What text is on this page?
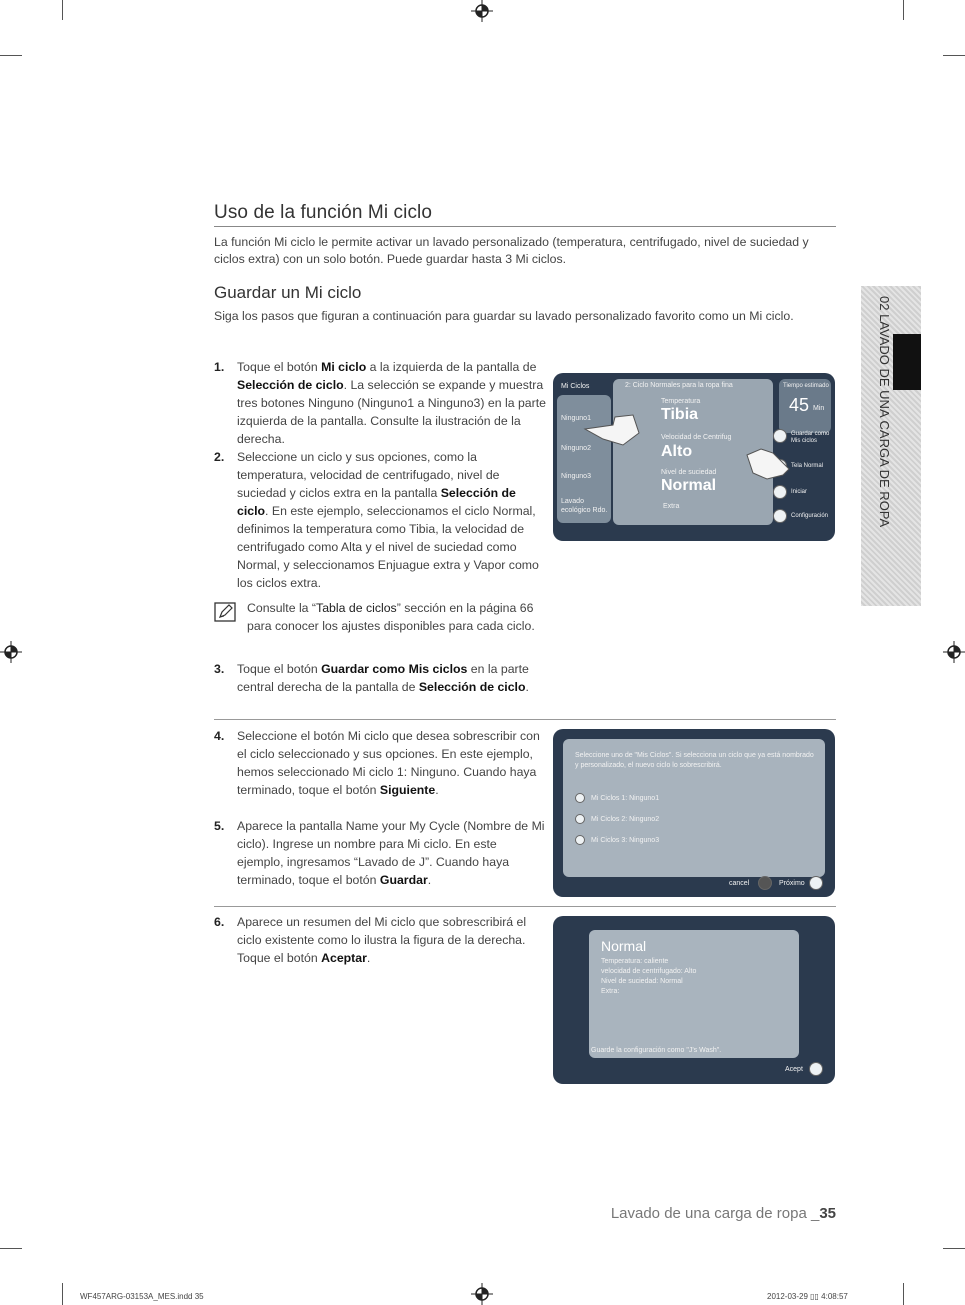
Uso de la función Mi ciclo

La función Mi ciclo le permite activar un lavado personalizado (temperatura, centrifugado, nivel de suciedad y ciclos extra) con un solo botón. Puede guardar hasta 3 Mi ciclos.

Guardar un Mi ciclo

Siga los pasos que figuran a continuación para guardar su lavado personalizado favorito como un Mi ciclo.

1. Toque el botón Mi ciclo a la izquierda de la pantalla de Selección de ciclo. La selección se expande y muestra tres botones Ninguno (Ninguno1 a Ninguno3) en la parte izquierda de la pantalla. Consulte la ilustración de la derecha.
2. Seleccione un ciclo y sus opciones, como la temperatura, velocidad de centrifugado, nivel de suciedad y ciclos extra en la pantalla Selección de ciclo. En este ejemplo, seleccionamos el ciclo Normal, definimos la temperatura como Tibia, la velocidad de centrifugado como Alta y el nivel de suciedad como Normal, y seleccionamos Enjuague extra y Vapor como los ciclos extra.
Consulte la “Tabla de ciclos” sección en la página 66 para conocer los ajustes disponibles para cada ciclo.
3. Toque el botón Guardar como Mis ciclos en la parte central derecha de la pantalla de Selección de ciclo.
4. Seleccione el botón Mi ciclo que desea sobrescribir con el ciclo seleccionado y sus opciones. En este ejemplo, hemos seleccionado Mi ciclo 1: Ninguno. Cuando haya terminado, toque el botón Siguiente.
5. Aparece la pantalla Name your My Cycle (Nombre de Mi ciclo). Ingrese un nombre para Mi ciclo. En este ejemplo, ingresamos “Lavado de J”. Cuando haya terminado, toque el botón Guardar.
6. Aparece un resumen del Mi ciclo que sobrescribirá el ciclo existente como lo ilustra la figura de la derecha. Toque el botón Aceptar.
Mi Ciclos
Ninguno1
Ninguno2
Ninguno3
Lavado ecológico Rdo.
2: Ciclo Normales para la ropa fina
Temperatura
Tibia
Velocidad de Centrifug
Alto
Nivel de suciedad
Normal
Extra
Tiempo estimado
45 Min
Guardar como Mis ciclos
Tela Normal
Iniciar
Configuración
Seleccione uno de "Mis Ciclos". Si selecciona un ciclo que ya está nombrado y personalizado, el nuevo ciclo lo sobrescribirá.
Mi Ciclos 1: Ninguno1
Mi Ciclos 2: Ninguno2
Mi Ciclos 3: Ninguno3
cancel	Próximo
Normal
Temperatura: caliente
velocidad de centrifugado: Alto
Nivel de suciedad: Normal
Extra:
Guarde la configuración como "J's Wash".
Acept
02 LAVADO DE UNA CARGA DE ROPA
Lavado de una carga de ropa _35
WF457ARG-03153A_MES.indd 35	2012-03-29 ▯▯ 4:08:57
